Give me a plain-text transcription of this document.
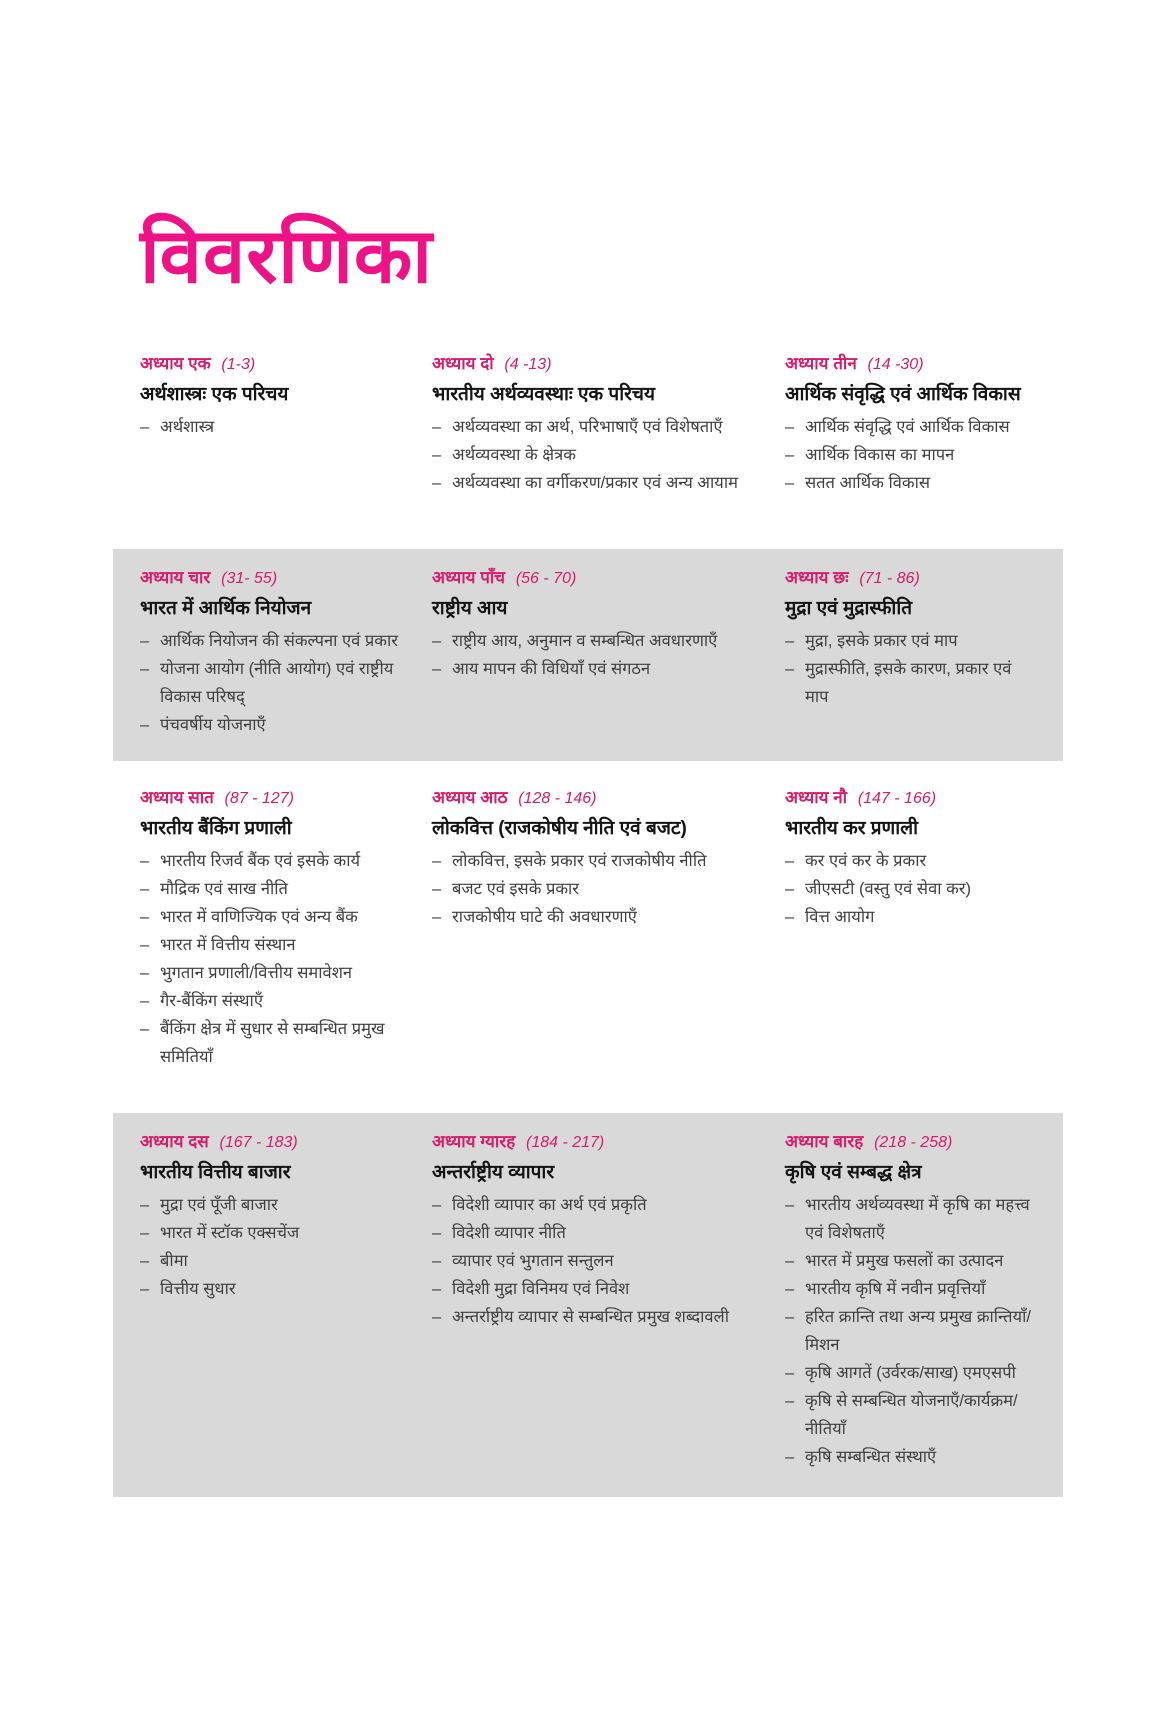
विवरणिका
अध्याय एक (1-3)
अर्थशास्त्रः एक परिचय
– अर्थशास्त्र
अध्याय दो (4 -13)
भारतीय अर्थव्यवस्थाः एक परिचय
– अर्थव्यवस्था का अर्थ, परिभाषाएँ एवं विशेषताएँ
– अर्थव्यवस्था के क्षेत्रक
– अर्थव्यवस्था का वर्गीकरण/प्रकार एवं अन्य आयाम
अध्याय तीन (14 -30)
आर्थिक संवृद्धि एवं आर्थिक विकास
– आर्थिक संवृद्धि एवं आर्थिक विकास
– आर्थिक विकास का मापन
– सतत आर्थिक विकास
अध्याय चार (31- 55)
भारत में आर्थिक नियोजन
– आर्थिक नियोजन की संकल्पना एवं प्रकार
– योजना आयोग (नीति आयोग) एवं राष्ट्रीय विकास परिषद्
– पंचवर्षीय योजनाएँ
अध्याय पाँच (56 - 70)
राष्ट्रीय आय
– राष्ट्रीय आय, अनुमान व सम्बन्धित अवधारणाएँ
– आय मापन की विधियाँ एवं संगठन
अध्याय छः (71 - 86)
मुद्रा एवं मुद्रास्फीति
– मुद्रा, इसके प्रकार एवं माप
– मुद्रास्फीति, इसके कारण, प्रकार एवं माप
अध्याय सात (87 - 127)
भारतीय बैंकिंग प्रणाली
– भारतीय रिजर्व बैंक एवं इसके कार्य
– मौद्रिक एवं साख नीति
– भारत में वाणिज्यिक एवं अन्य बैंक
– भारत में वित्तीय संस्थान
– भुगतान प्रणाली/वित्तीय समावेशन
– गैर-बैंकिंग संस्थाएँ
– बैंकिंग क्षेत्र में सुधार से सम्बन्धित प्रमुख समितियाँ
अध्याय आठ (128 - 146)
लोकवित्त (राजकोषीय नीति एवं बजट)
– लोकवित्त, इसके प्रकार एवं राजकोषीय नीति
– बजट एवं इसके प्रकार
– राजकोषीय घाटे की अवधारणाएँ
अध्याय नौ (147 - 166)
भारतीय कर प्रणाली
– कर एवं कर के प्रकार
– जीएसटी (वस्तु एवं सेवा कर)
– वित्त आयोग
अध्याय दस (167 - 183)
भारतीय वित्तीय बाजार
– मुद्रा एवं पूँजी बाजार
– भारत में स्टॉक एक्सचेंज
– बीमा
– वित्तीय सुधार
अध्याय ग्यारह (184 - 217)
अन्तर्राष्ट्रीय व्यापार
– विदेशी व्यापार का अर्थ एवं प्रकृति
– विदेशी व्यापार नीति
– व्यापार एवं भुगतान सन्तुलन
– विदेशी मुद्रा विनिमय एवं निवेश
– अन्तर्राष्ट्रीय व्यापार से सम्बन्धित प्रमुख शब्दावली
अध्याय बारह (218 - 258)
कृषि एवं सम्बद्ध क्षेत्र
– भारतीय अर्थव्यवस्था में कृषि का महत्त्व एवं विशेषताएँ
– भारत में प्रमुख फसलों का उत्पादन
– भारतीय कृषि में नवीन प्रवृत्तियाँ
– हरित क्रान्ति तथा अन्य प्रमुख क्रान्तियाँ/मिशन
– कृषि आगतें (उर्वरक/साख) एमएसपी
– कृषि से सम्बन्धित योजनाएँ/कार्यक्रम/नीतियाँ
– कृषि सम्बन्धित संस्थाएँ
